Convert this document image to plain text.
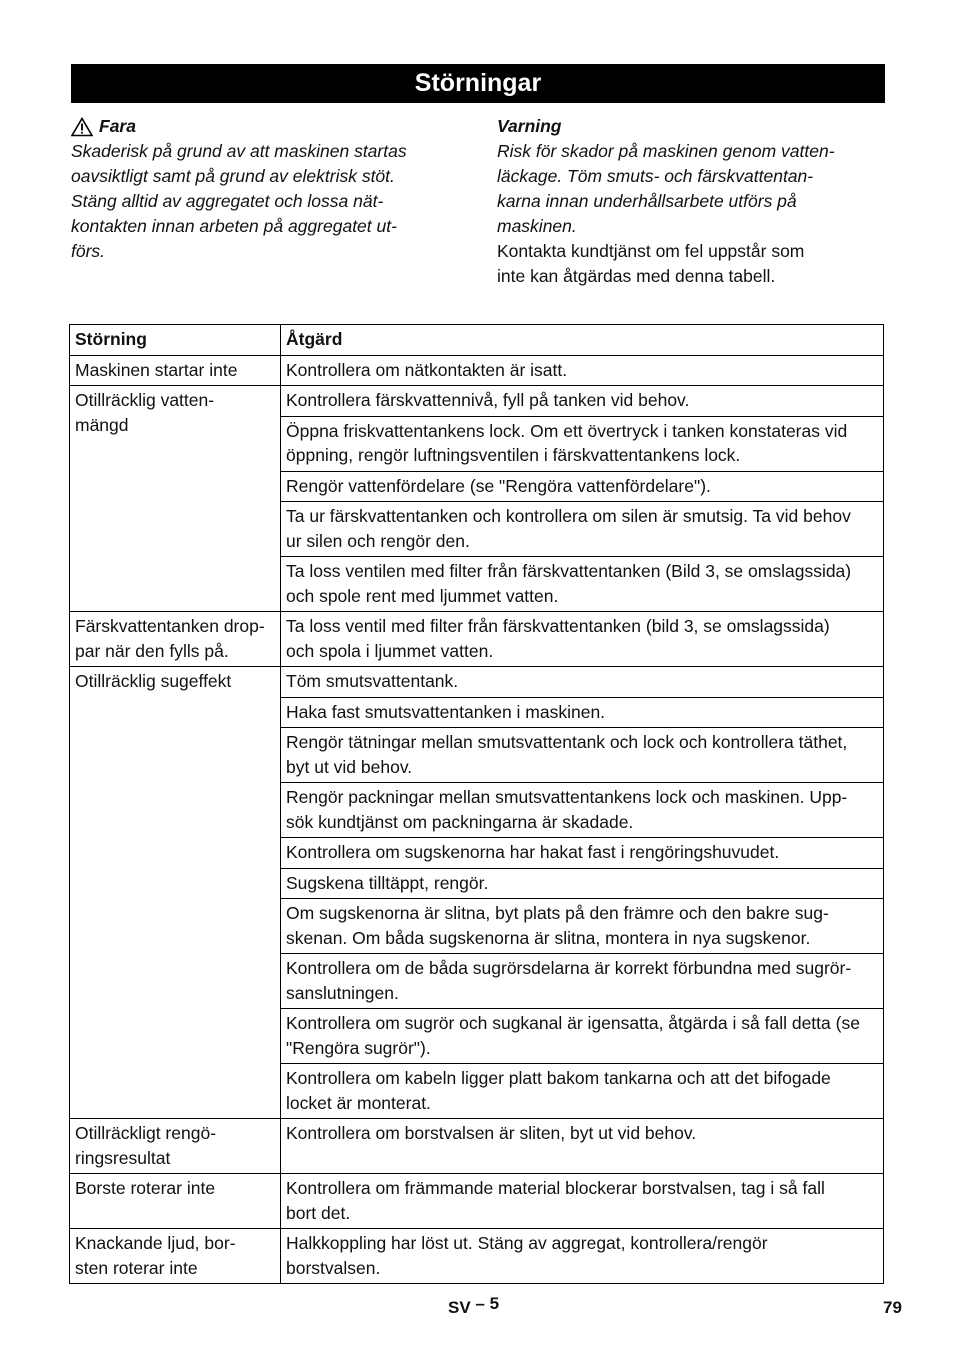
Störningar
Fara
Skaderisk på grund av att maskinen startas
oavsiktligt samt på grund av elektrisk stöt.
Stäng alltid av aggregatet och lossa nät-
kontakten innan arbeten på aggregatet ut-
förs.
Varning
Risk för skador på maskinen genom vatten-
läckage. Töm smuts- och färskvattentan-
karna innan underhållsarbete utförs på
maskinen.
Kontakta kundtjänst om fel uppstår som
inte kan åtgärdas med denna tabell.
Störning	Åtgärd
Maskinen startar inte	Kontrollera om nätkontakten är isatt.
Otillräcklig vatten-
mängd	Kontrollera färskvattennivå, fyll på tanken vid behov.
	Öppna friskvattentankens lock. Om ett övertryck i tanken konstateras vid
öppning, rengör luftningsventilen i färskvattentankens lock.
	Rengör vattenfördelare (se "Rengöra vattenfördelare").
	Ta ur färskvattentanken och kontrollera om silen är smutsig. Ta vid behov
ur silen och rengör den.
	Ta loss ventilen med filter från färskvattentanken (Bild 3, se omslagssida)
och spole rent med ljummet vatten.
Färskvattentanken drop-
par när den fylls på.	Ta loss ventil med filter från färskvattentanken (bild 3, se omslagssida)
och spola i ljummet vatten.
Otillräcklig sugeffekt	Töm smutsvattentank.
	Haka fast smutsvattentanken i maskinen.
	Rengör tätningar mellan smutsvattentank och lock och kontrollera täthet,
byt ut vid behov.
	Rengör packningar mellan smutsvattentankens lock och maskinen. Upp-
sök kundtjänst om packningarna är skadade.
	Kontrollera om sugskenorna har hakat fast i rengöringshuvudet.
	Sugskena tilltäppt, rengör.
	Om sugskenorna är slitna, byt plats på den främre och den bakre sug-
skenan. Om båda sugskenorna är slitna, montera in nya sugskenor.
	Kontrollera om de båda sugrörsdelarna är korrekt förbundna med sugrör-
sanslutningen.
	Kontrollera om sugrör och sugkanal är igensatta, åtgärda i så fall detta (se
"Rengöra sugrör").
	Kontrollera om kabeln ligger platt bakom tankarna och att det bifogade
locket är monterat.
Otillräckligt rengö-
ringsresultat	Kontrollera om borstvalsen är sliten, byt ut vid behov.

Borste roterar inte	Kontrollera om främmande material blockerar borstvalsen, tag i så fall
bort det.
Knackande ljud, bor-
sten roterar inte	Halkkoppling har löst ut. Stäng av aggregat, kontrollera/rengör
borstvalsen.
SV – 5	79
